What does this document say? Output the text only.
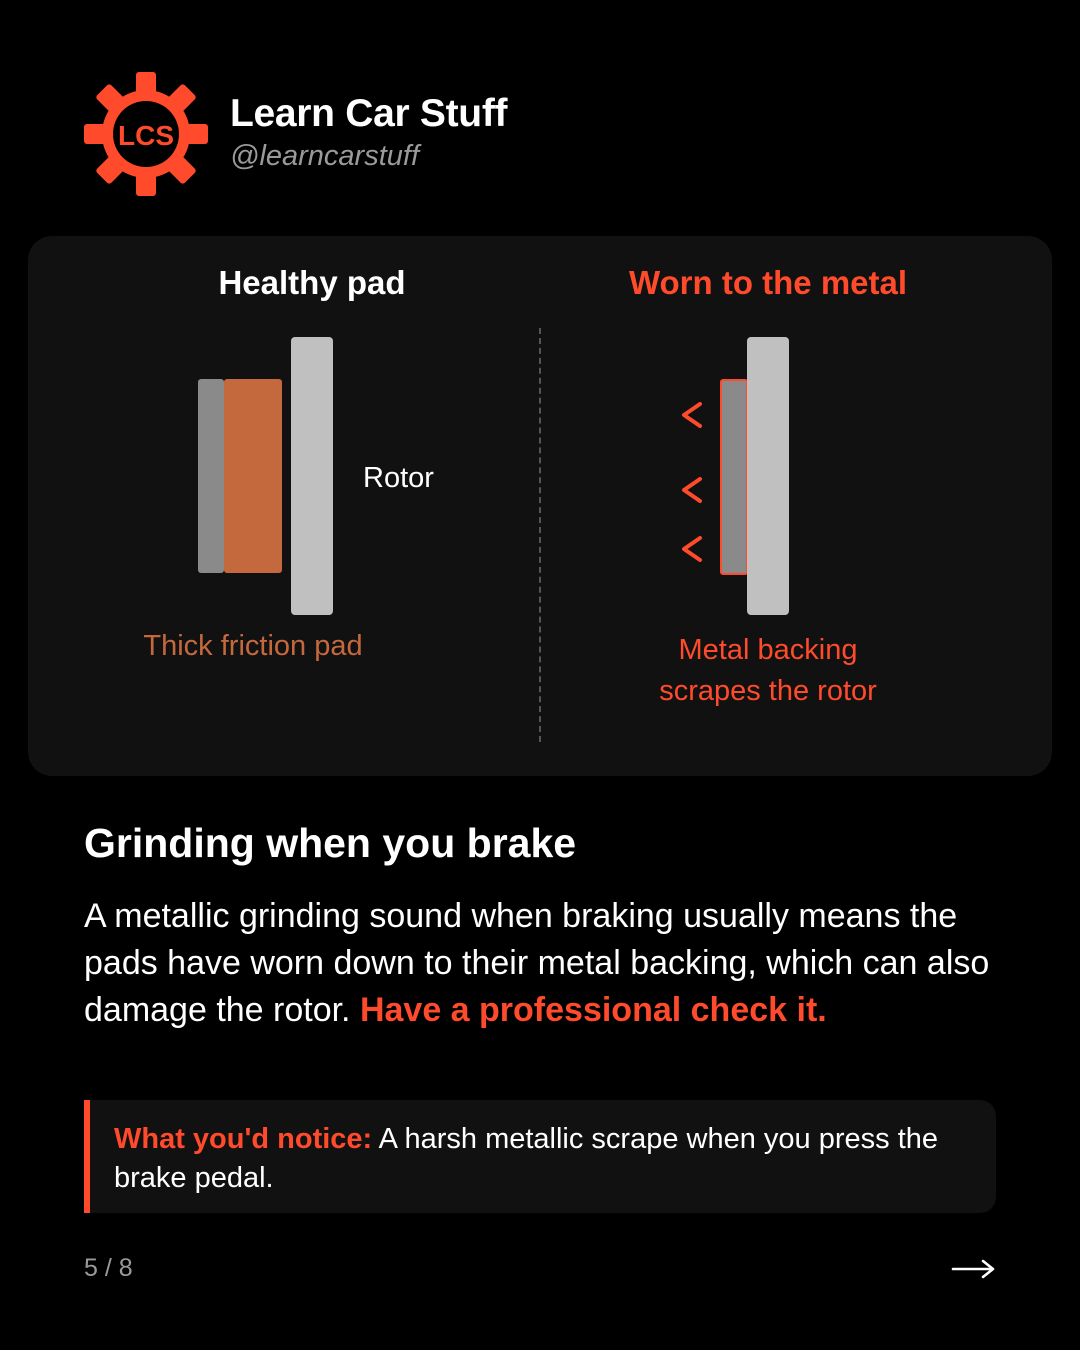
LCS
Learn Car Stuff
@learncarstuff
Healthy pad	Worn to the metal
Rotor
Thick friction pad	Metal backing
scrapes the rotor
Grinding when you brake
A metallic grinding sound when braking usually means the pads have worn down to their metal backing, which can also damage the rotor. Have a professional check it.
What you'd notice: A harsh metallic scrape when you press the brake pedal.
5 / 8
